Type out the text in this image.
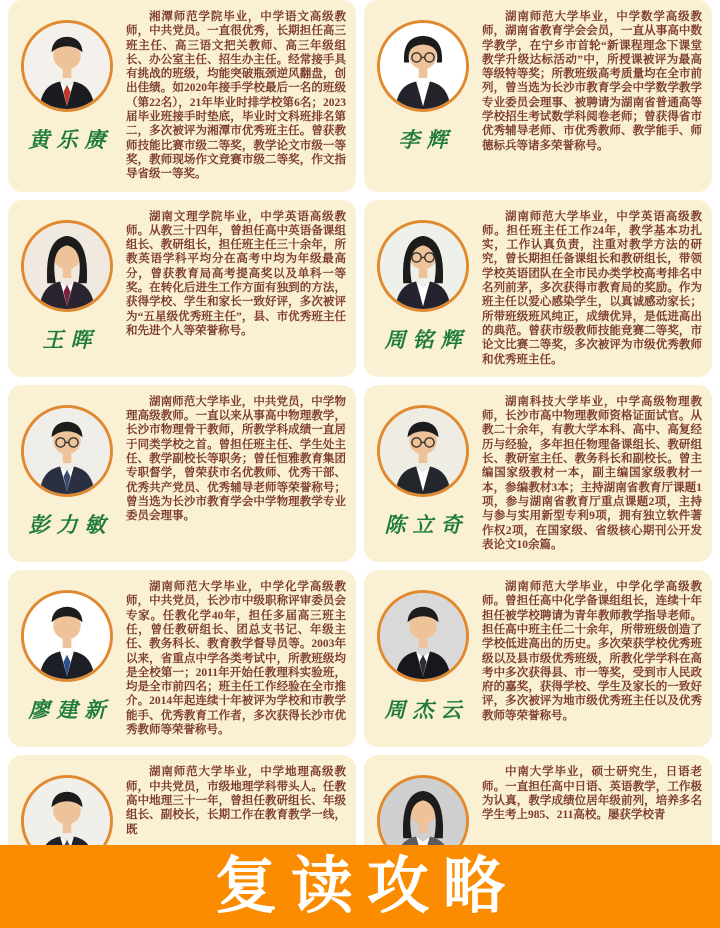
黄乐赓

湘潭师范学院毕业，中学语文高级教师，中共党员。一直很优秀，长期担任高三班主任、高三语文把关教师、高三年级组长、办公室主任、招生办主任。经常接手具有挑战的班级，均能突破瓶颈逆风翻盘，创出佳绩。如2020年接手学校最后一名的班级（第22名），21年毕业时排学校第6名；2023届毕业班接手时垫底，毕业时文科班排名第二，多次被评为湘潭市优秀班主任。曾获教师技能比赛市级二等奖，教学论文市级一等奖，教师现场作文竞赛市级二等奖，作文指导省级一等奖。

李辉

湖南师范大学毕业，中学数学高级教师，湖南省教育学会会员，一直从事高中数学教学，在宁乡市首轮“新课程理念下课堂教学升级达标活动”中，所授课被评为最高等级特等奖；所教班级高考质量均在全市前列，曾当选为长沙市教育学会中学数学教学专业委员会理事、被聘请为湖南省普通高等学校招生考试数学科阅卷老师；曾获得省市优秀辅导老师、市优秀教师、教学能手、师德标兵等诸多荣誉称号。

王晖

湖南文理学院毕业，中学英语高级教师。从教三十四年，曾担任高中英语备课组组长、教研组长，担任班主任三十余年，所教英语学科平均分在高考中均为年级最高分，曾获教育局高考提高奖以及单科一等奖。在转化后进生工作方面有独到的方法，获得学校、学生和家长一致好评，多次被评为“五星级优秀班主任”，县、市优秀班主任和先进个人等荣誉称号。	周铭辉

湖南师范大学毕业，中学英语高级教师。担任班主任工作24年，教学基本功扎实，工作认真负责，注重对教学方法的研究，曾长期担任备课组长和教研组长，带领学校英语团队在全市民办类学校高考排名中名列前茅，多次获得市教育局的奖励。作为班主任以爱心感染学生，以真诚感动家长；所带班级班风纯正，成绩优异，是低进高出的典范。曾获市级教师技能竞赛二等奖，市论文比赛二等奖，多次被评为市级优秀教师和优秀班主任。

彭力敏

湖南师范大学毕业，中共党员，中学物理高级教师。一直以来从事高中物理教学，长沙市物理骨干教师，所教学科成绩一直居于同类学校之首。曾担任班主任、学生处主任、教学副校长等职务；曾任恒雅教育集团专职督学，曾荣获市名优教师、优秀干部、优秀共产党员、优秀辅导老师等荣誉称号；曾当选为长沙市教育学会中学物理教学专业委员会理事。	陈立奇

湖南科技大学毕业，中学高级物理教师，长沙市高中物理教师资格证面试官。从教二十余年，有教大学本科、高中、高复经历与经验，多年担任物理备课组长、教研组长、教研室主任、教务科长和副校长。曾主编国家级教材一本，副主编国家级教材一本，参编教材3本；主持湖南省教育厅课题1项，参与湖南省教育厅重点课题2项，主持与参与实用新型专利9项，拥有独立软件著作权2项，在国家级、省级核心期刊公开发表论文10余篇。

廖建新

湖南师范大学毕业，中学化学高级教师，中共党员，长沙市中级职称评审委员会专家。任教化学40年，担任多届高三班主任，曾任教研组长、团总支书记、年级主任、教务科长、教育教学督导员等。2003年以来，省重点中学各类考试中，所教班级均是全校第一；2011年开始任教理科实验班，均是全市前四名；班主任工作经验在全市推介。2014年起连续十年被评为学校和市教学能手、优秀教育工作者，多次获得长沙市优秀教师等荣誉称号。

周杰云

湖南师范大学毕业，中学化学高级教师。曾担任高中化学备课组组长，连续十年担任被学校聘请为青年教师教学指导老师。担任高中班主任二十余年，所带班级创造了学校低进高出的历史。多次荣获学校优秀班级以及县市级优秀班级，所教化学学科在高考中多次获得县、市一等奖，受到市人民政府的嘉奖，获得学校、学生及家长的一致好评，多次被评为地市级优秀班主任以及优秀教师等荣誉称号。

湖南师范大学毕业，中学地理高级教师，中共党员，市级地理学科带头人。任教高中地理三十一年，曾担任教研组长、年级组长、副校长，长期工作在教育教学一线，既

中南大学毕业，硕士研究生，日语老师。一直担任高中日语、英语教学，工作极为认真，教学成绩位居年级前列，培养多名学生考上985、211高校。屡获学校青

复读攻略
